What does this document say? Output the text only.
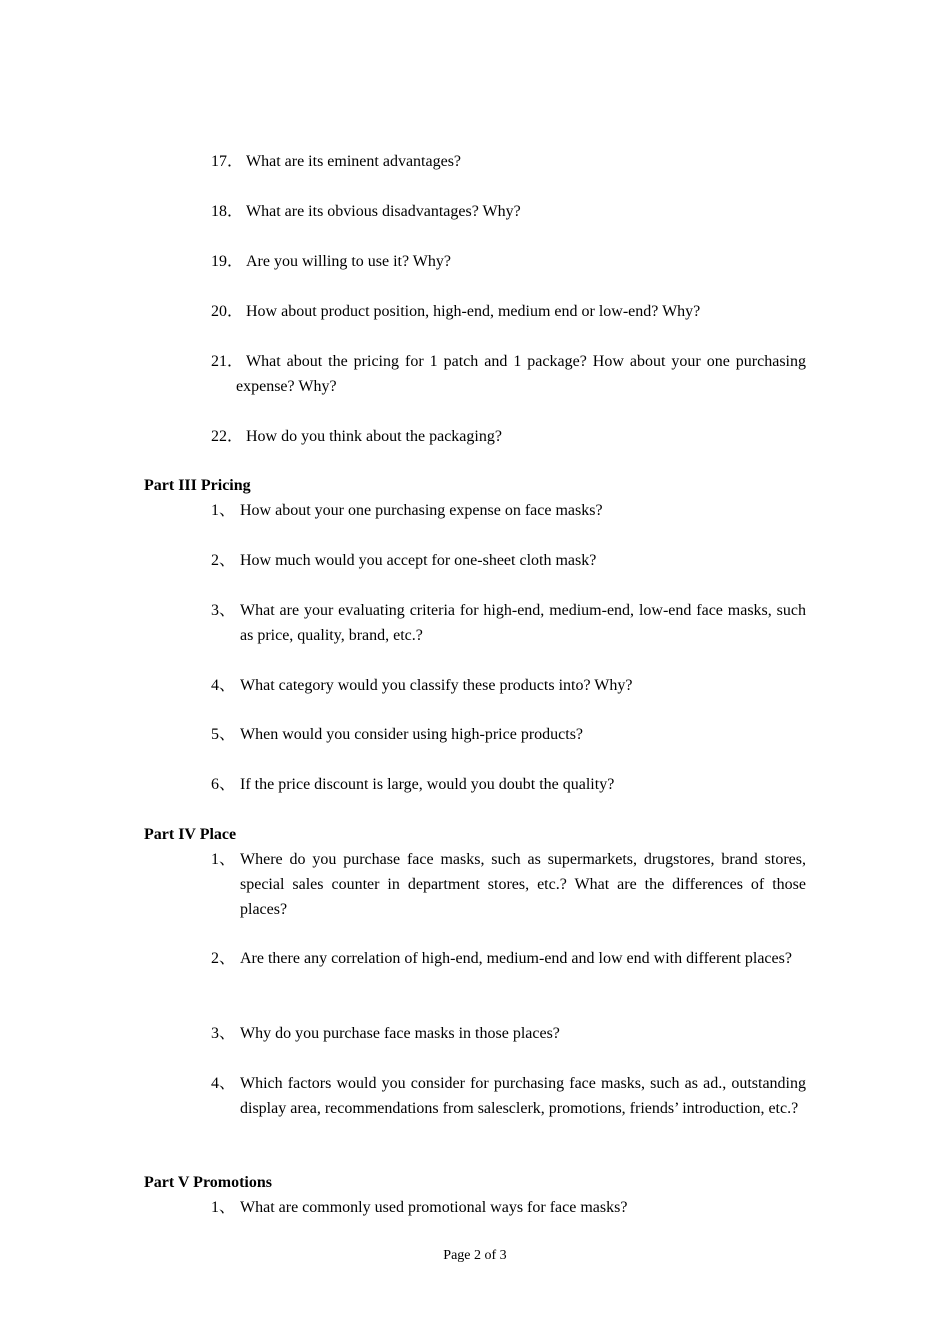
17． What are its eminent advantages?
18． What are its obvious disadvantages? Why?
19． Are you willing to use it? Why?
20． How about product position, high-end, medium end or low-end? Why?
21． What about the pricing for 1 patch and 1 package? How about your one purchasing expense? Why?
22． How do you think about the packaging?
Part III Pricing
1、 How about your one purchasing expense on face masks?
2、 How much would you accept for one-sheet cloth mask?
3、 What are your evaluating criteria for high-end, medium-end, low-end face masks, such as price, quality, brand, etc.?
4、 What category would you classify these products into? Why?
5、 When would you consider using high-price products?
6、 If the price discount is large, would you doubt the quality?
Part IV Place
1、 Where do you purchase face masks, such as supermarkets, drugstores, brand stores, special sales counter in department stores, etc.? What are the differences of those places?
2、 Are there any correlation of high-end, medium-end and low end with different places?
3、 Why do you purchase face masks in those places?
4、 Which factors would you consider for purchasing face masks, such as ad., outstanding display area, recommendations from salesclerk, promotions, friends’ introduction, etc.?
Part V Promotions
1、 What are commonly used promotional ways for face masks?
Page 2 of 3
